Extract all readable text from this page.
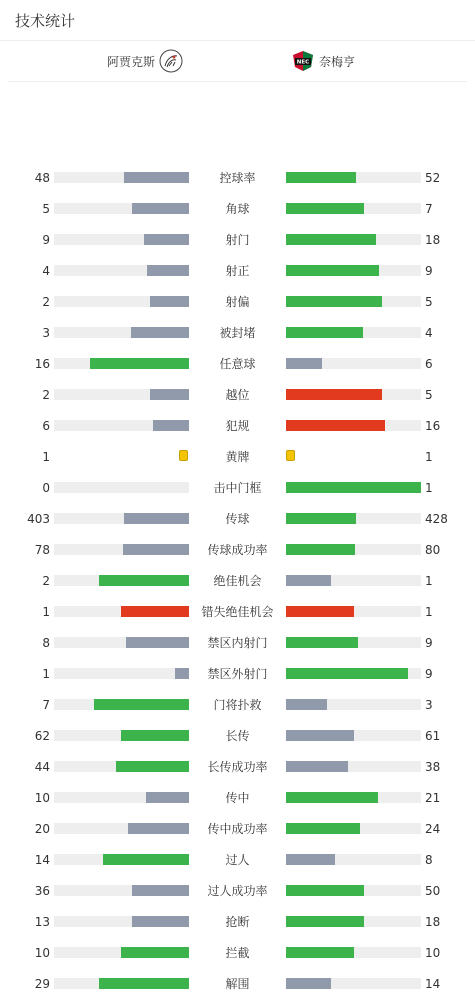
技术统计
阿贾克斯	NEC 奈梅亨
48	控球率	52
5	角球	7
9	射门	18
4	射正	9
2	射偏	5
3	被封堵	4
16	任意球	6
2	越位	5
6	犯规	16
1	黄牌	1
0	击中门框	1
403	传球	428
78	传球成功率	80
2	绝佳机会	1
1	错失绝佳机会	1
8	禁区内射门	9
1	禁区外射门	9
7	门将扑救	3
62	长传	61
44	长传成功率	38
10	传中	21
20	传中成功率	24
14	过人	8
36	过人成功率	50
13	抢断	18
10	拦截	10
29	解围	14
